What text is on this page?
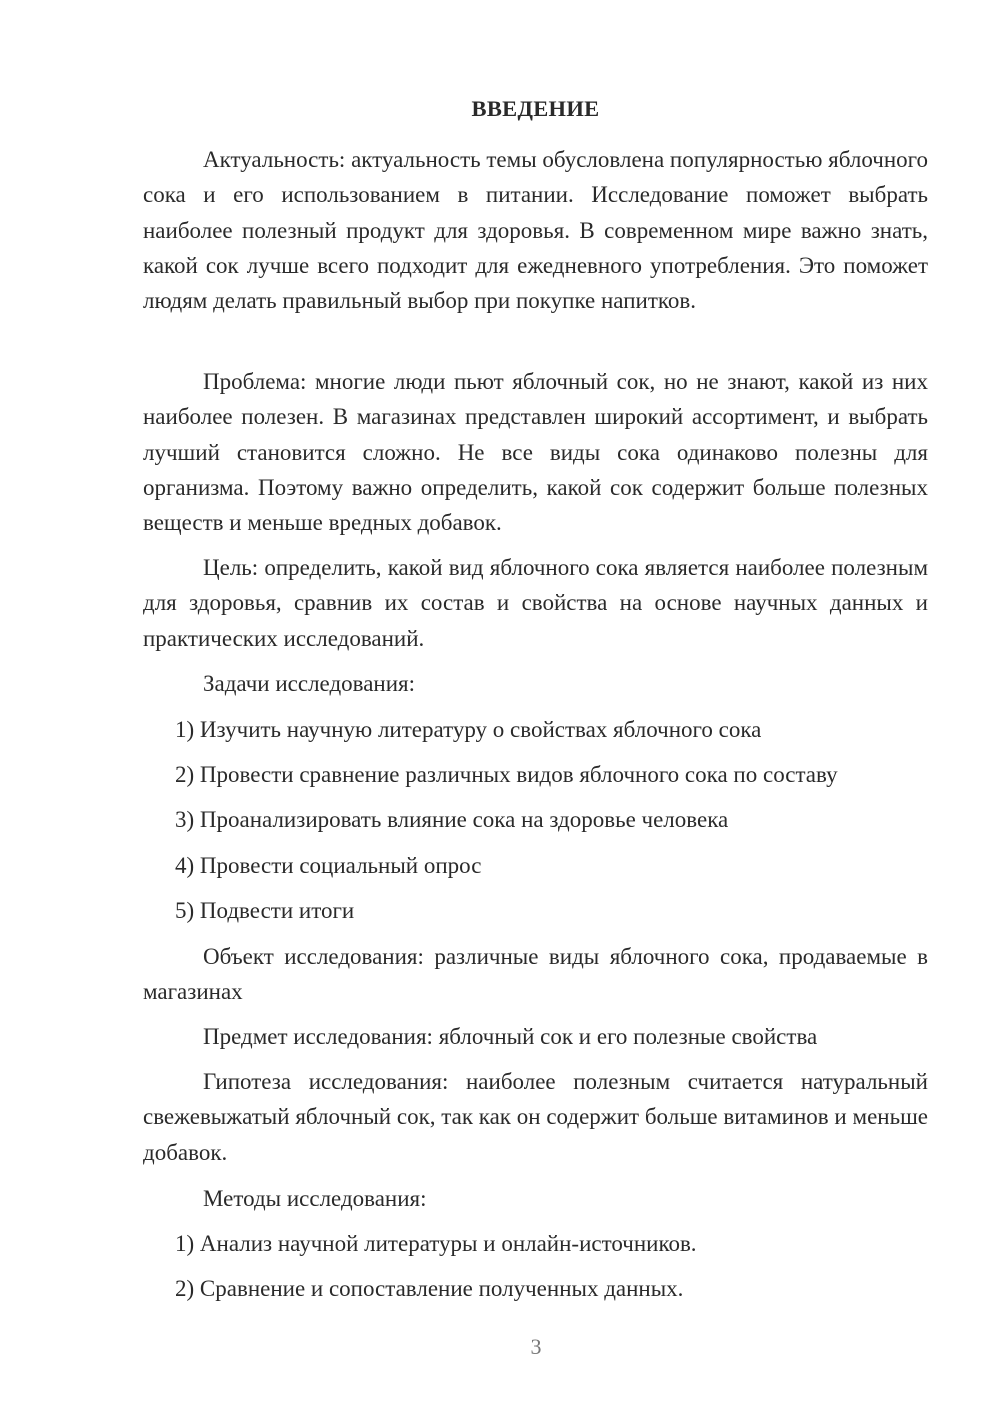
ВВЕДЕНИЕ

Актуальность: актуальность темы обусловлена популярностью яблочного сока и его использованием в питании. Исследование поможет выбрать наиболее полезный продукт для здоровья. В современном мире важно знать, какой сок лучше всего подходит для ежедневного употребления. Это поможет людям делать правильный выбор при покупке напитков.

Проблема: многие люди пьют яблочный сок, но не знают, какой из них наиболее полезен. В магазинах представлен широкий ассортимент, и выбрать лучший становится сложно. Не все виды сока одинаково полезны для организма. Поэтому важно определить, какой сок содержит больше полезных веществ и меньше вредных добавок.

Цель: определить, какой вид яблочного сока является наиболее полезным для здоровья, сравнив их состав и свойства на основе научных данных и практических исследований.

Задачи исследования:

1) Изучить научную литературу о свойствах яблочного сока

2) Провести сравнение различных видов яблочного сока по составу

3) Проанализировать влияние сока на здоровье человека

4) Провести социальный опрос

5) Подвести итоги

Объект исследования: различные виды яблочного сока, продаваемые в магазинах

Предмет исследования: яблочный сок и его полезные свойства

Гипотеза исследования: наиболее полезным считается натуральный свежевыжатый яблочный сок, так как он содержит больше витаминов и меньше добавок.

Методы исследования:

1) Анализ научной литературы и онлайн-источников.

2) Сравнение и сопоставление полученных данных.

3
